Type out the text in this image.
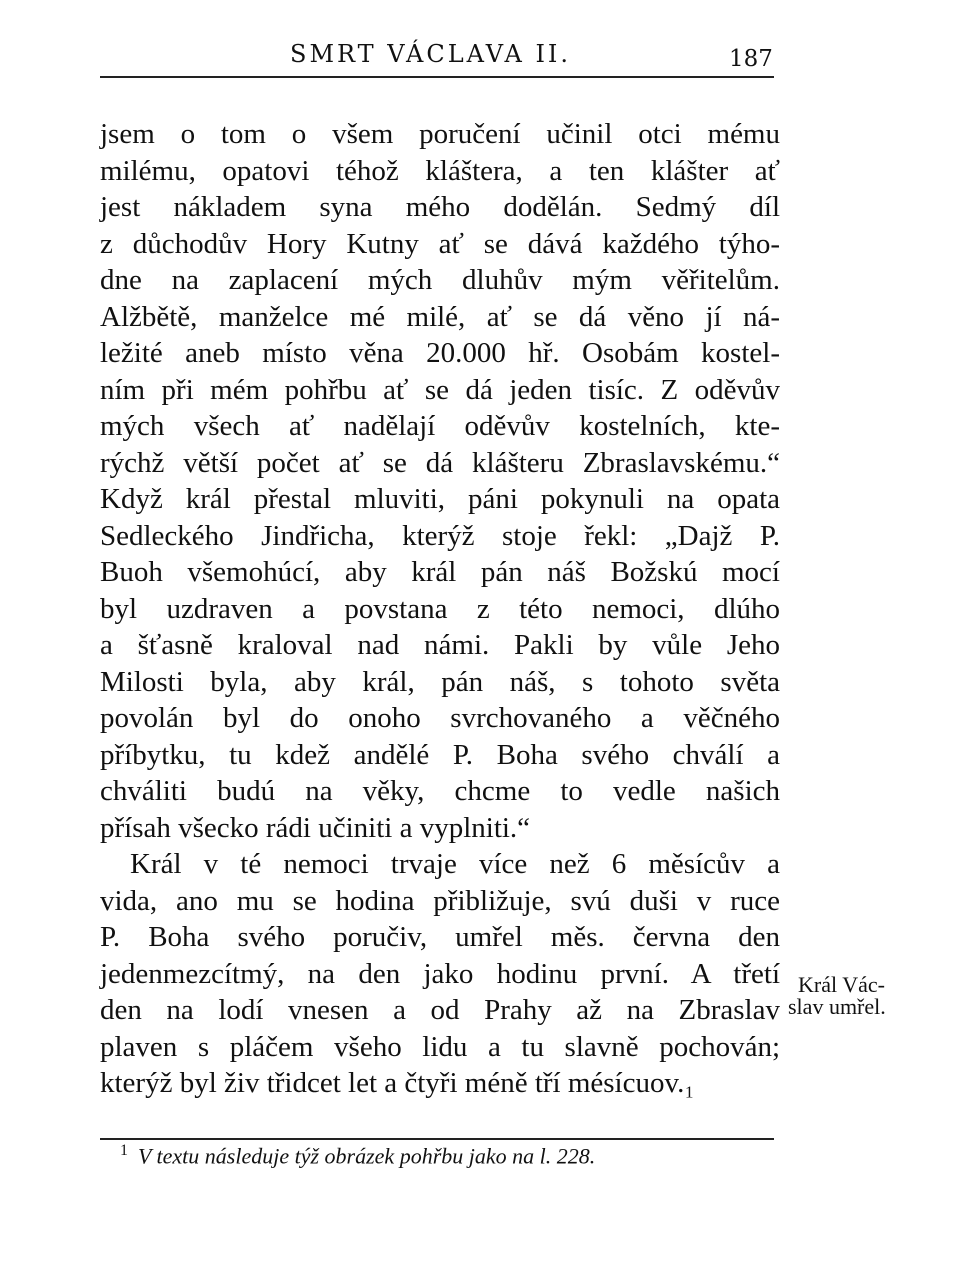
SMRT VÁCLAVA II.	187
jsem o tom o všem poručení učinil otci mému
milému, opatovi téhož kláštera, a ten klášter ať
jest nákladem syna mého dodělán. Sedmý díl
z důchodův Hory Kutny ať se dává každého týho-
dne na zaplacení mých dluhův mým věřitelům.
Alžbětě, manželce mé milé, ať se dá věno jí ná-
ležité aneb místo věna 20.000 hř. Osobám kostel-
ním při mém pohřbu ať se dá jeden tisíc. Z oděvův
mých všech ať nadělají oděvův kostelních, kte-
rýchž větší počet ať se dá klášteru Zbraslavskému.“
Když král přestal mluviti, páni pokynuli na opata
Sedleckého Jindřicha, kterýž stoje řekl: „Dajž P.
Buoh všemohúcí, aby král pán náš Božskú mocí
byl uzdraven a povstana z této nemoci, dlúho
a šťasně kraloval nad námi. Pakli by vůle Jeho
Milosti byla, aby král, pán náš, s tohoto světa
povolán byl do onoho svrchovaného a věčného
příbytku, tu kdež andělé P. Boha svého chválí a
chváliti budú na věky, chcme to vedle našich
přísah všecko rádi učiniti a vyplniti.“
Král v té nemoci trvaje více než 6 měsícův a
vida, ano mu se hodina přibližuje, svú duši v ruce
P. Boha svého poručiv, umřel měs. června den
jedenmezcítmý, na den jako hodinu první. A třetí
den na lodí vnesen a od Prahy až na Zbraslav
plaven s pláčem všeho lidu a tu slavně pochován;
kterýž byl živ třidcet let a čtyři méně tří mésícuov.₁
Král Vác-
slav umřel.
$^1$ V textu následuje týž obrázek pohřbu jako na l. 228.
